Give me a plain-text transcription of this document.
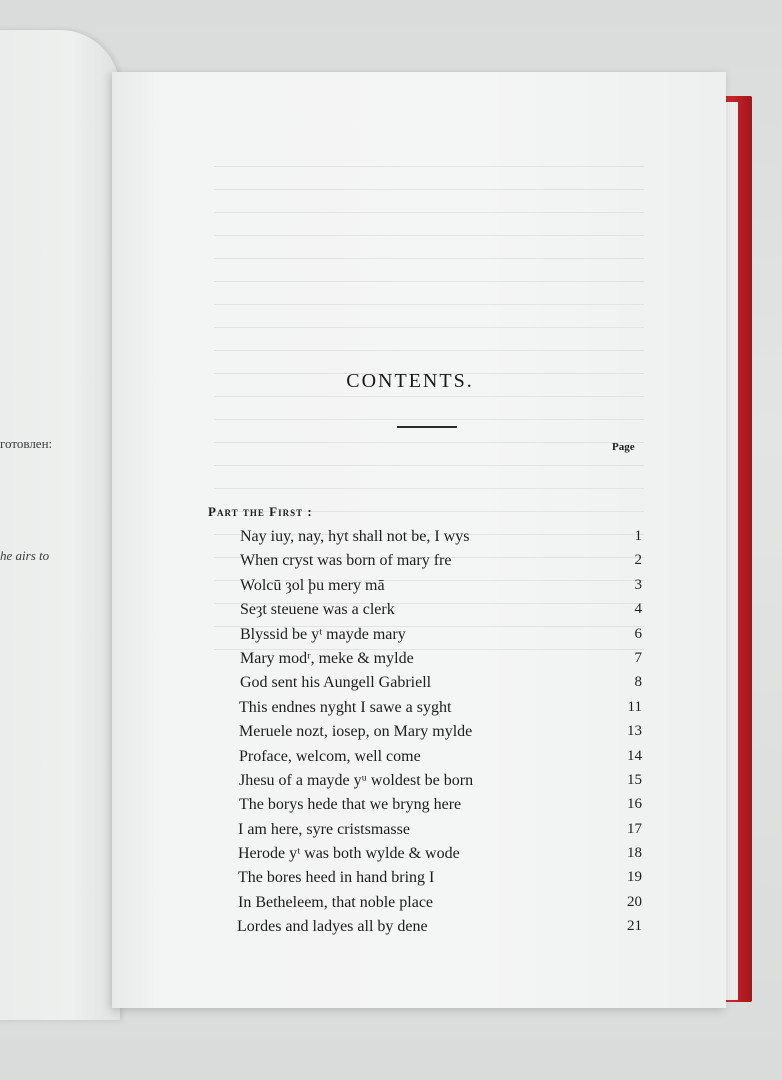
готовлен:
he airs to
CONTENTS.
Page
Part the First :
Nay iuy, nay, hyt shall not be, I wys	1
When cryst was born of mary fre	2
Wolcū ȝol þu mery mā	3
Seȝt steuene was a clerk	4
Blyssid be yᵗ mayde mary	6
Mary modʳ, meke & mylde	7
God sent his Aungell Gabriell	8
This endnes nyght I sawe a syght	11
Meruele nozt, iosep, on Mary mylde	13
Proface, welcom, well come	14
Jhesu of a mayde yᵘ woldest be born	15
The borys hede that we bryng here	16
I am here, syre cristsmasse	17
Herode yᵗ was both wylde & wode	18
The bores heed in hand bring I	19
In Betheleem, that noble place	20
Lordes and ladyes all by dene	21
